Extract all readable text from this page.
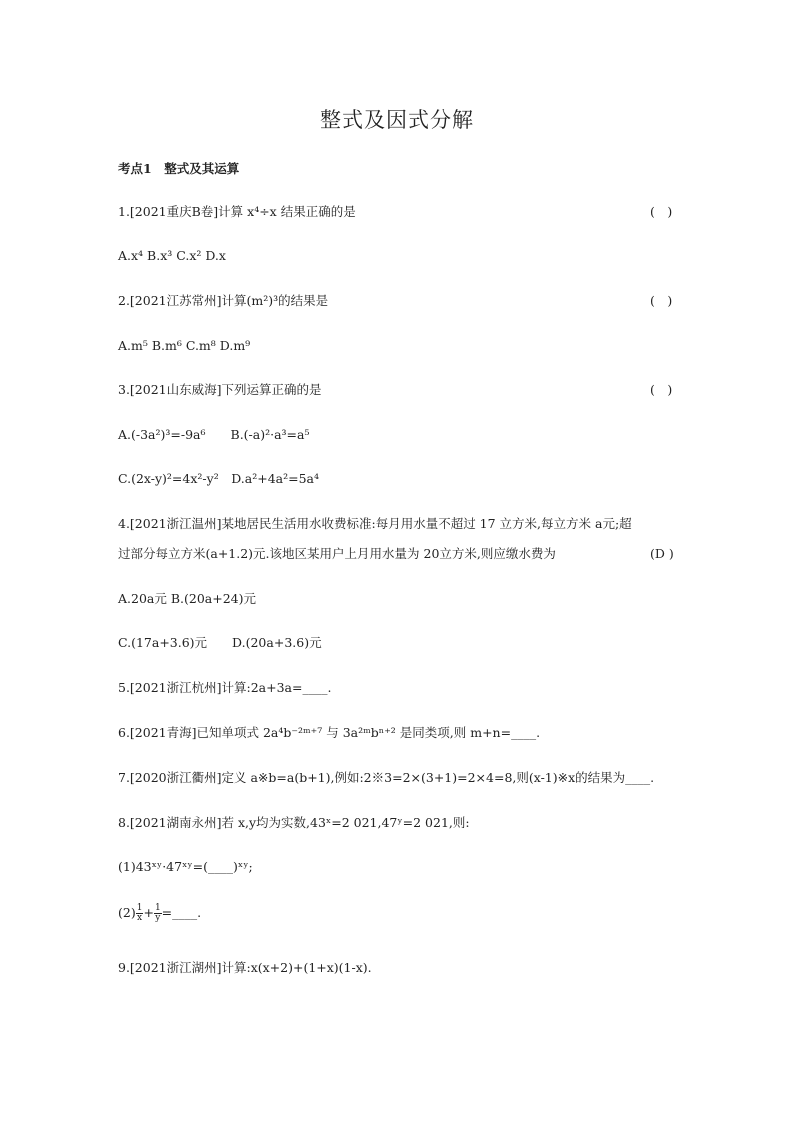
整式及因式分解
考点1　整式及其运算
1.[2021重庆B卷]计算 x⁴÷x 结果正确的是	(　)
A.x⁴ B.x³ C.x² D.x
2.[2021江苏常州]计算(m²)³的结果是	(　)
A.m⁵ B.m⁶ C.m⁸ D.m⁹
3.[2021山东威海]下列运算正确的是	(　)
A.(-3a²)³=-9a⁶　　B.(-a)²·a³=a⁵
C.(2x-y)²=4x²-y²　D.a²+4a²=5a⁴
4.[2021浙江温州]某地居民生活用水收费标准:每月用水量不超过 17 立方米,每立方米 a元;超
过部分每立方米(a+1.2)元.该地区某用户上月用水量为 20立方米,则应缴水费为	(D )
A.20a元 B.(20a+24)元
C.(17a+3.6)元　　D.(20a+3.6)元
5.[2021浙江杭州]计算:2a+3a=____.
6.[2021青海]已知单项式 2a⁴b⁻²ᵐ⁺⁷ 与 3a²ᵐbⁿ⁺² 是同类项,则 m+n=____.
7.[2020浙江衢州]定义 a※b=a(b+1),例如:2※3=2×(3+1)=2×4=8,则(x-1)※x的结果为____.
8.[2021湖南永州]若 x,y均为实数,43ˣ=2 021,47ʸ=2 021,则:
(1)43ˣʸ·47ˣʸ=(____)ˣʸ;
$(2) \frac{1}{x} + \frac{1}{y}$ =____.
9.[2021浙江湖州]计算:x(x+2)+(1+x)(1-x).
